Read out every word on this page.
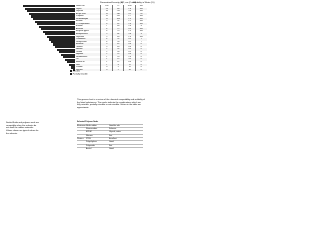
Permeation Viscosity (A)
Yf, cm (Cutoff)
Solubility in Water (%)
Water Ref	100	72	0.89	100
Glycol	23	80	1.8	100
Glycerol	18	170	5.4	100
Acrylic acid	15	140	9.2	50
Propanol	12	120	1.7	100
Formaldehyde	11	108	1.3	100
Ethanol	9	95	1.1	100
1,2 Propanediol	8	85	2.0	100
Butanol	7	80	2.4	8
Acetone	6	75	0.3	100
Ethylene glycol	6	70	1.9	100
Benzylalcohol	5	64	5.8	4
Glycerine	5	60	1.4	100
Chloroform	4	55	0.5	1
Diethyl ether	4	50	0.2	7
Benzene	3	45	0.6	0
Toluene	3	40	0.6	0
Hexane	2	35	0.3	0
Octane	2	30	0.5	0
Heptane	2	25	0.4	0
Nitrobenzene	1	20	2.0	0
Oil	1	15	3.5	0
Mineral oil	1	12	8.0	0
Wax	1	8	12	0
Paraffin	0	5	15	0
Silicone	0	2	20	0
Miscible
Partially miscible
This grease chart is a review of the chemical compatibility and solubility of the listed substances. The marks indicate the combinations which are fully miscible, partially miscible or not miscible. Values in the table are approximate.
Sealed fluids and polymer seals are compatible when the solvents do not swell the rubber materials.
Values shown are typical values for the solvents.
Selected Polymer Seals
Elastomer Nitrile rubber	Good for oils
Fluorocarbon	Solvents
EPDM	Glycols, water
Silicone	Fair
Plastics	PTFE	Excellent
Polyethylene	Good
Polyamide	Fair
Acetal	Good
